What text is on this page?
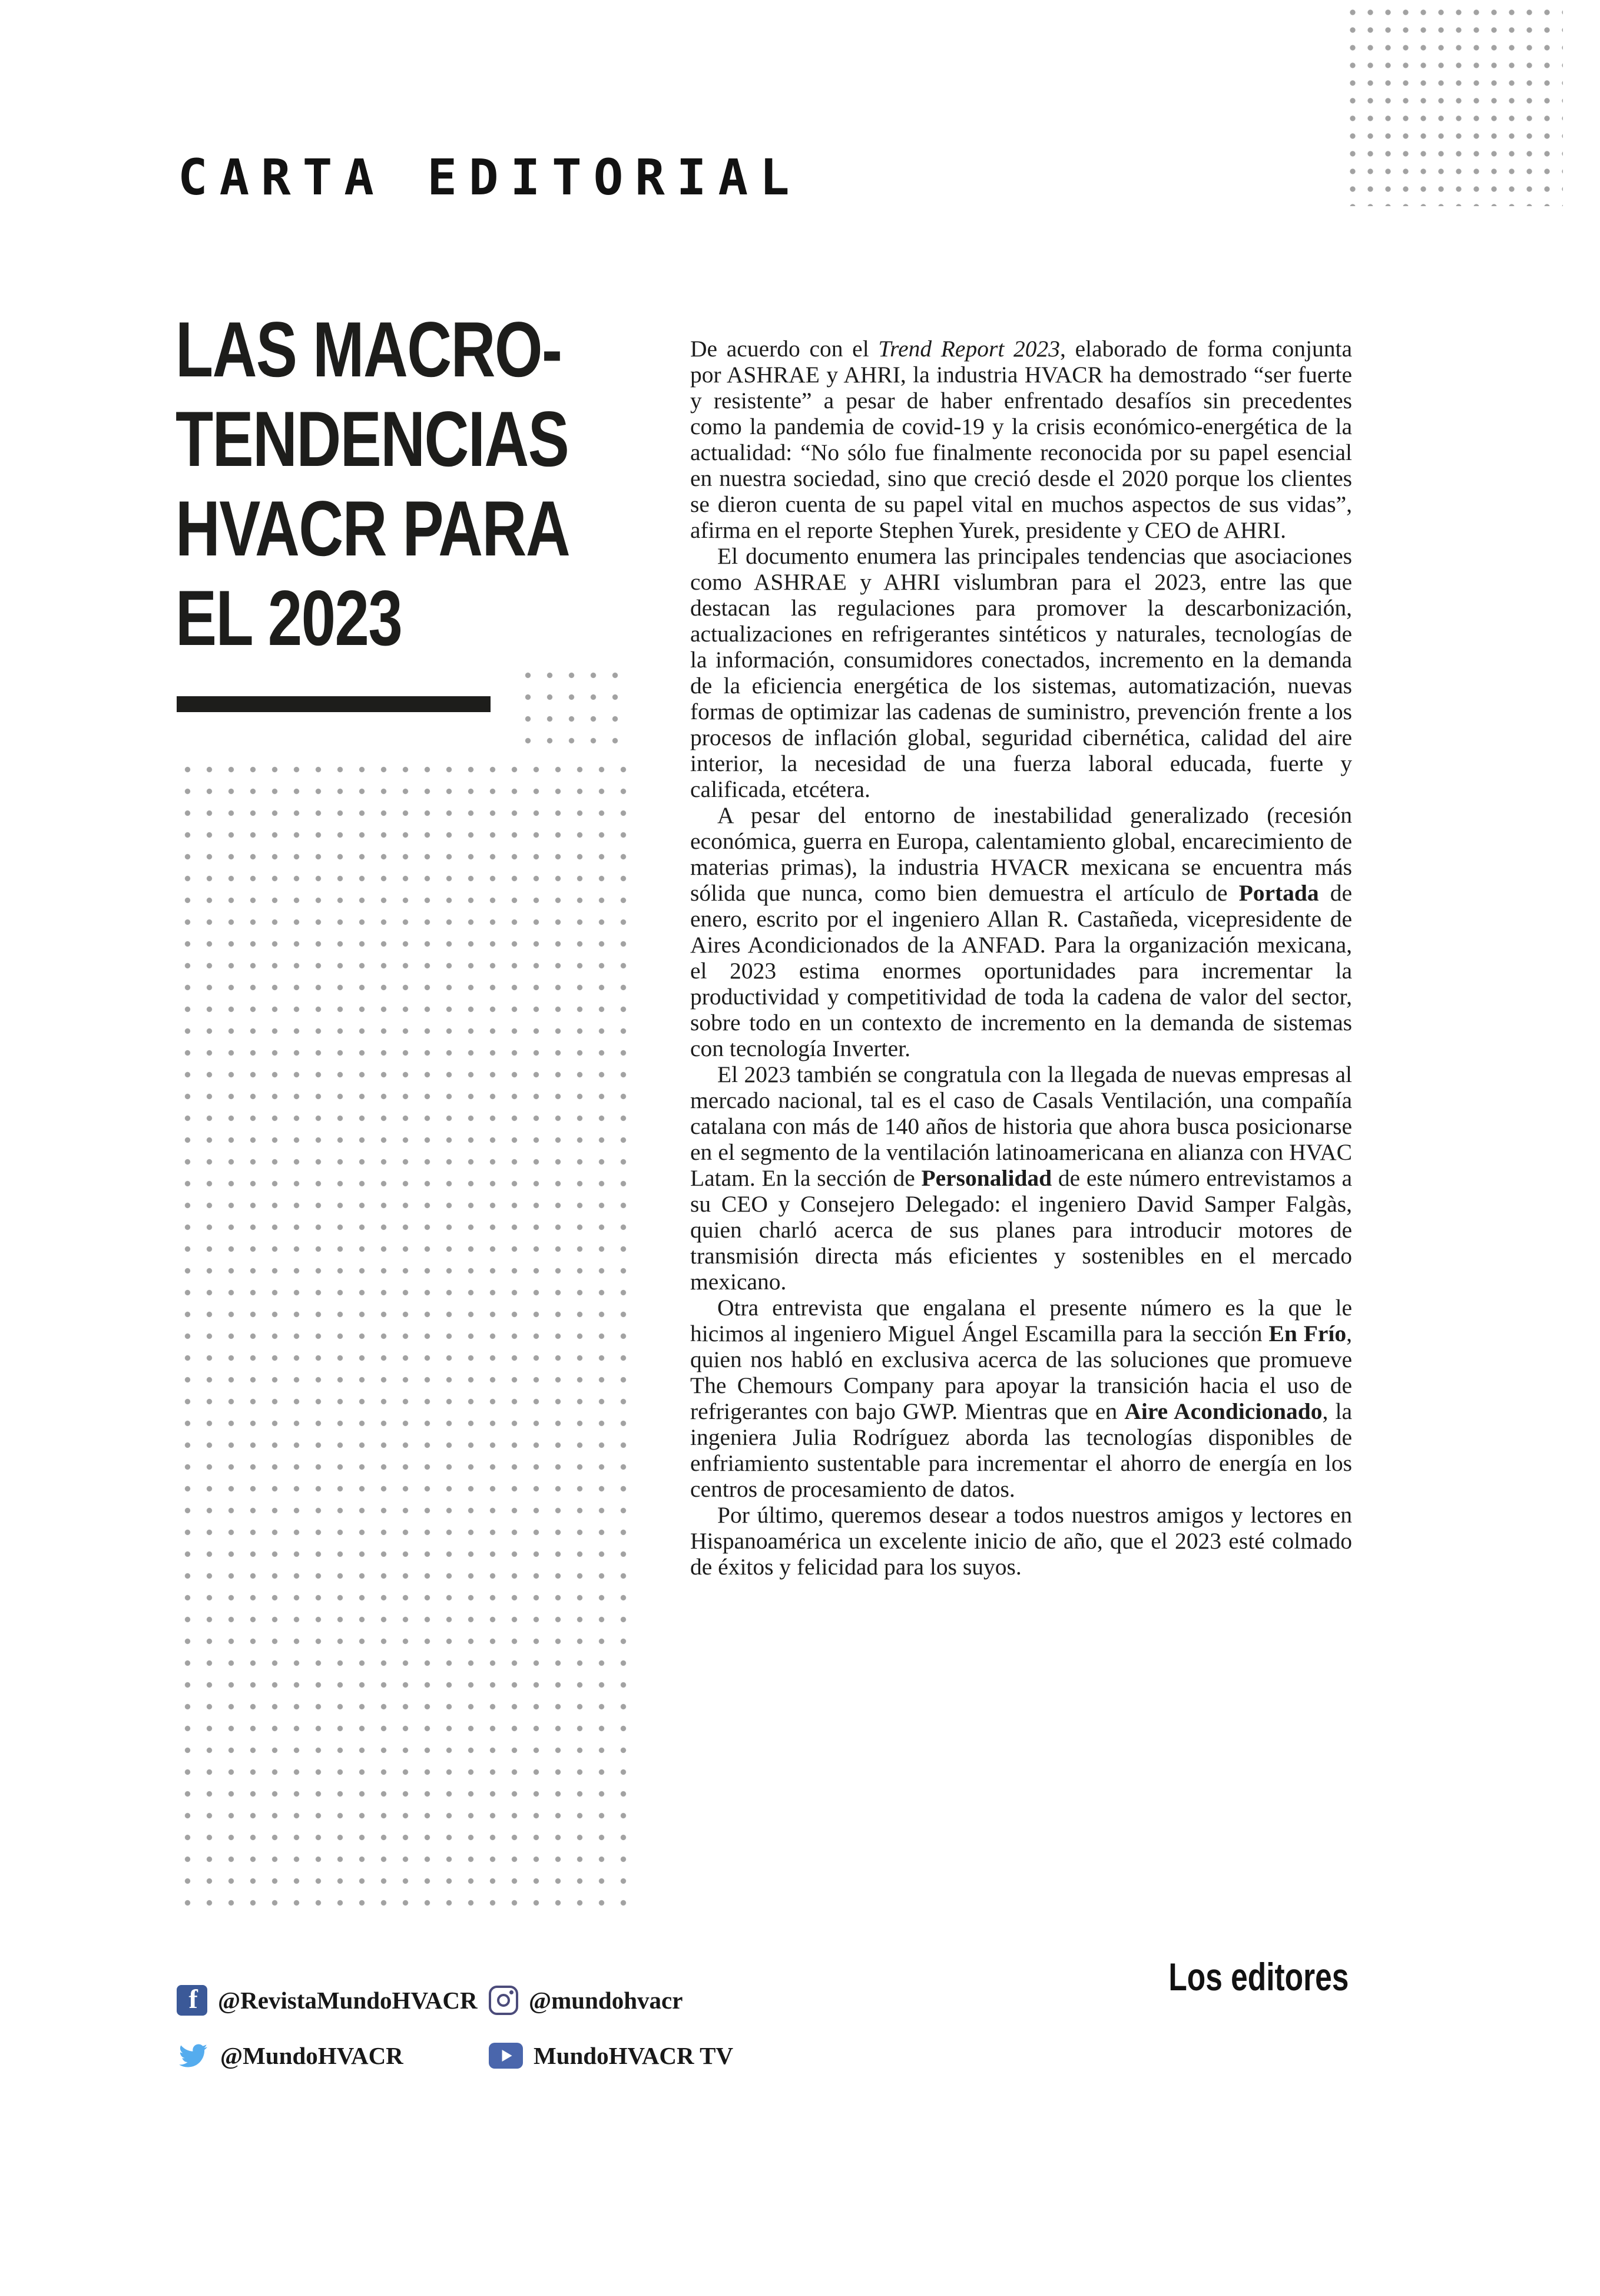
CARTA EDITORIAL
LAS MACRO-
TENDENCIAS
HVACR PARA
EL 2023

De acuerdo con el Trend Report 2023, elaborado de forma conjunta por ASHRAE y AHRI, la industria HVACR ha demostrado “ser fuerte y resistente” a pesar de haber enfrentado desafíos sin precedentes como la pandemia de covid-19 y la crisis económico-energética de la actualidad: “No sólo fue finalmente reconocida por su papel esencial en nuestra sociedad, sino que creció desde el 2020 porque los clientes se dieron cuenta de su papel vital en muchos aspectos de sus vidas”, afirma en el reporte Stephen Yurek, presidente y CEO de AHRI.

El documento enumera las principales tendencias que asociaciones como ASHRAE y AHRI vislumbran para el 2023, entre las que destacan las regulaciones para promover la descarbonización, actualizaciones en refrigerantes sintéticos y naturales, tecnologías de la información, consumidores conectados, incremento en la demanda de la eficiencia energética de los sistemas, automatización, nuevas formas de optimizar las cadenas de suministro, prevención frente a los procesos de inflación global, seguridad cibernética, calidad del aire interior, la necesidad de una fuerza laboral educada, fuerte y calificada, etcétera.

A pesar del entorno de inestabilidad generalizado (recesión económica, guerra en Europa, calentamiento global, encarecimiento de materias primas), la industria HVACR mexicana se encuentra más sólida que nunca, como bien demuestra el artículo de Portada de enero, escrito por el ingeniero Allan R. Castañeda, vicepresidente de Aires Acondicionados de la ANFAD. Para la organización mexicana, el 2023 estima enormes oportunidades para incrementar la productividad y competitividad de toda la cadena de valor del sector, sobre todo en un contexto de incremento en la demanda de sistemas con tecnología Inverter.

El 2023 también se congratula con la llegada de nuevas empresas al mercado nacional, tal es el caso de Casals Ventilación, una compañía catalana con más de 140 años de historia que ahora busca posicionarse en el segmento de la ventilación latinoamericana en alianza con HVAC Latam. En la sección de Personalidad de este número entrevistamos a su CEO y Consejero Delegado: el ingeniero David Samper Falgàs, quien charló acerca de sus planes para introducir motores de transmisión directa más eficientes y sostenibles en el mercado mexicano.

Otra entrevista que engalana el presente número es la que le hicimos al ingeniero Miguel Ángel Escamilla para la sección En Frío, quien nos habló en exclusiva acerca de las soluciones que promueve The Chemours Company para apoyar la transición hacia el uso de refrigerantes con bajo GWP. Mientras que en Aire Acondicionado, la ingeniera Julia Rodríguez aborda las tecnologías disponibles de enfriamiento sustentable para incrementar el ahorro de energía en los centros de procesamiento de datos.

Por último, queremos desear a todos nuestros amigos y lectores en Hispanoamérica un excelente inicio de año, que el 2023 esté colmado de éxitos y felicidad para los suyos.

Los editores
f
@RevistaMundoHVACR @mundohvacr
@MundoHVACR	MundoHVACR TV
